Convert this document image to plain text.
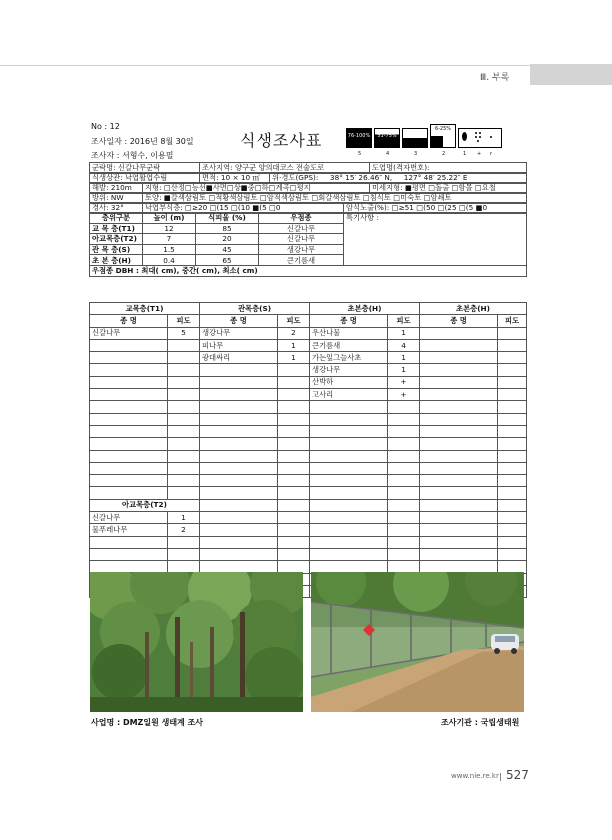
Ⅲ. 부록
No : 12
조사일자 : 2016년 8월 30일
조사자 : 서형수, 이용필
식생조사표	76-100%
5
51-75%
4
26-50%
3
6-25%
2	1 + r
군락명: 신갈나무군락	조사지역: 양구군 양의대코스 전술도로	도엽명(격자번호):
식생상관: 낙엽활엽수림	면적: 10 × 10 ㎡	위·경도(GPS): 38° 15′ 26.46″ N, 127° 48′ 25.22″ E
해발: 210m	지형: □산정□능선■사면□상■중□하□계곡□평지	미세지형: ■평면 □돌출 □함몰 □요철
방위: NW	토양: ■갈색삼림토 □적황색삼림토 □암적색삼림토 □회갈색삼림토 □침식토 □미숙토 □암쇄토
경사: 32°	낙엽부식층: □≥20 □(15 □(10 ■(5 □0	암석노출(%): □≥51 □(50 □(25 □(5 ■0
층위구분	높이 (m)	식피율 (%)	우점종	특기사항 :
교 목 층(T1)	12	85	신갈나무	
아교목층(T2)	7	20	신갈나무	
관 목 층(S)	1.5	45	생강나무	
초 본 층(H)	0.4	65	큰기름새	
우점종 DBH : 최대( cm), 중간( cm), 최소( cm)				
교목층(T1)		관목층(S)		초본층(H)		초본층(H)	
종 명	피도	종 명	피도	종 명	피도	종 명	피도
신갈나무	5	생강나무	2	우산나물	1		
		피나무	1	큰기름새	4		
		광대싸리	1	가는잎그늘사초	1		
				생강나무	1		
				산박하	+		
				고사리	+		

아교목층(T2)							
신갈나무	1						
물푸레나무	2						

사업명 : DMZ일원 생태계 조사	조사기관 : 국립생태원
www.nie.re.kr 527
